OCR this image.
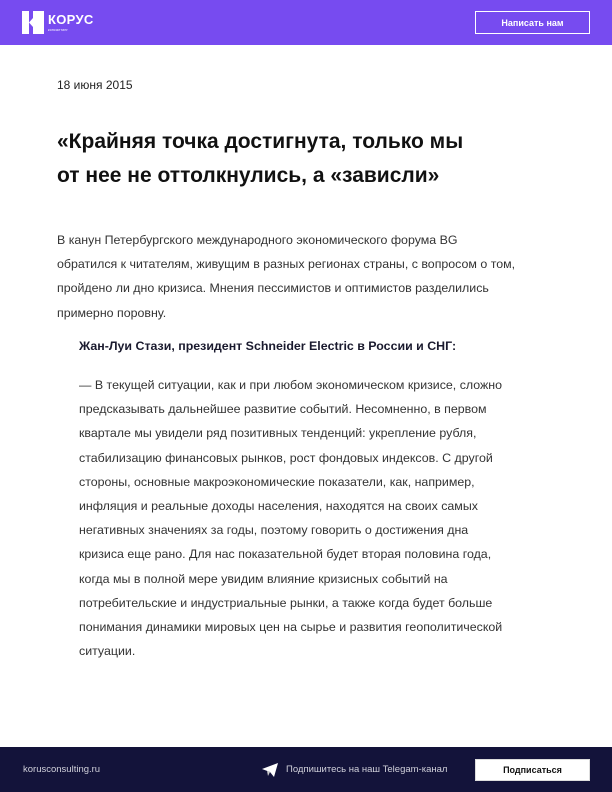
КОРУС
консалтинг
Написать нам
18 июня 2015
«Крайняя точка достигнута, только мы
от нее не оттолкнулись, а «зависли»
В канун Петербургского международного экономического форума BG
обратился к читателям, живущим в разных регионах страны, с вопросом о том,
пройдено ли дно кризиса. Мнения пессимистов и оптимистов разделились
примерно поровну.
Жан-Луи Стази, президент Schneider Electric в России и СНГ:
— В текущей ситуации, как и при любом экономическом кризисе, сложно
предсказывать дальнейшее развитие событий. Несомненно, в первом
квартале мы увидели ряд позитивных тенденций: укрепление рубля,
стабилизацию финансовых рынков, рост фондовых индексов. С другой
стороны, основные макроэкономические показатели, как, например,
инфляция и реальные доходы населения, находятся на своих самых
негативных значениях за годы, поэтому говорить о достижения дна
кризиса еще рано. Для нас показательной будет вторая половина года,
когда мы в полной мере увидим влияние кризисных событий на
потребительские и индустриальные рынки, а также когда будет больше
понимания динамики мировых цен на сырье и развития геополитической
ситуации.
korusconsulting.ru	Подпишитесь на наш Telegam-канал	Подписаться
